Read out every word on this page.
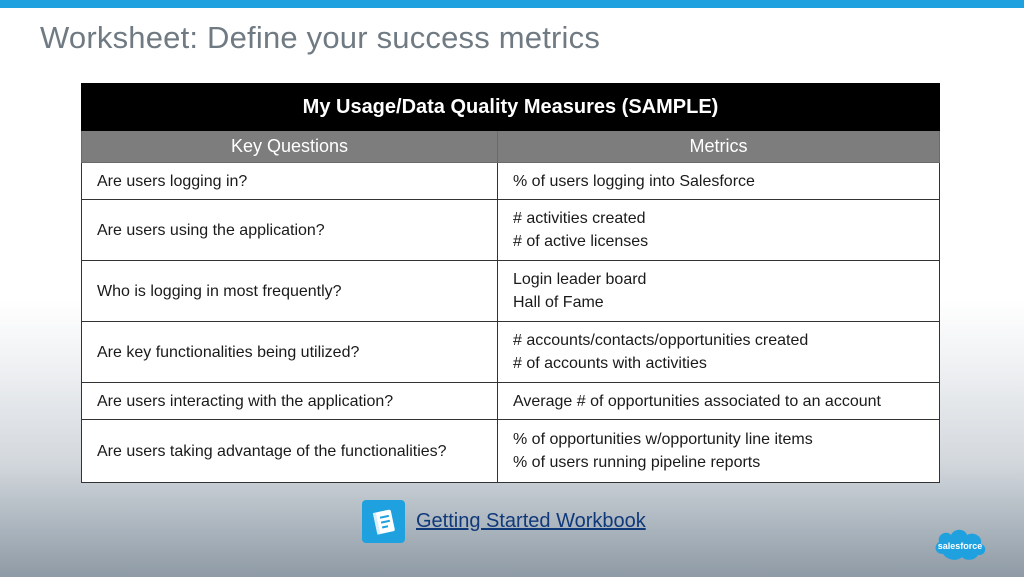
Worksheet: Define your success metrics
My Usage/Data Quality Measures (SAMPLE)	
Key Questions	Metrics
Are users logging in?	% of users logging into Salesforce

Are users using the application?	# activities created
# of active licenses

Who is logging in most frequently?	Login leader board
Hall of Fame

Are key functionalities being utilized?	# accounts/contacts/opportunities created
# of accounts with activities

Are users interacting with the application?	Average # of opportunities associated to an account

Are users taking advantage of the functionalities?	% of opportunities w/opportunity line items
% of users running pipeline reports
Getting Started Workbook
salesforce
